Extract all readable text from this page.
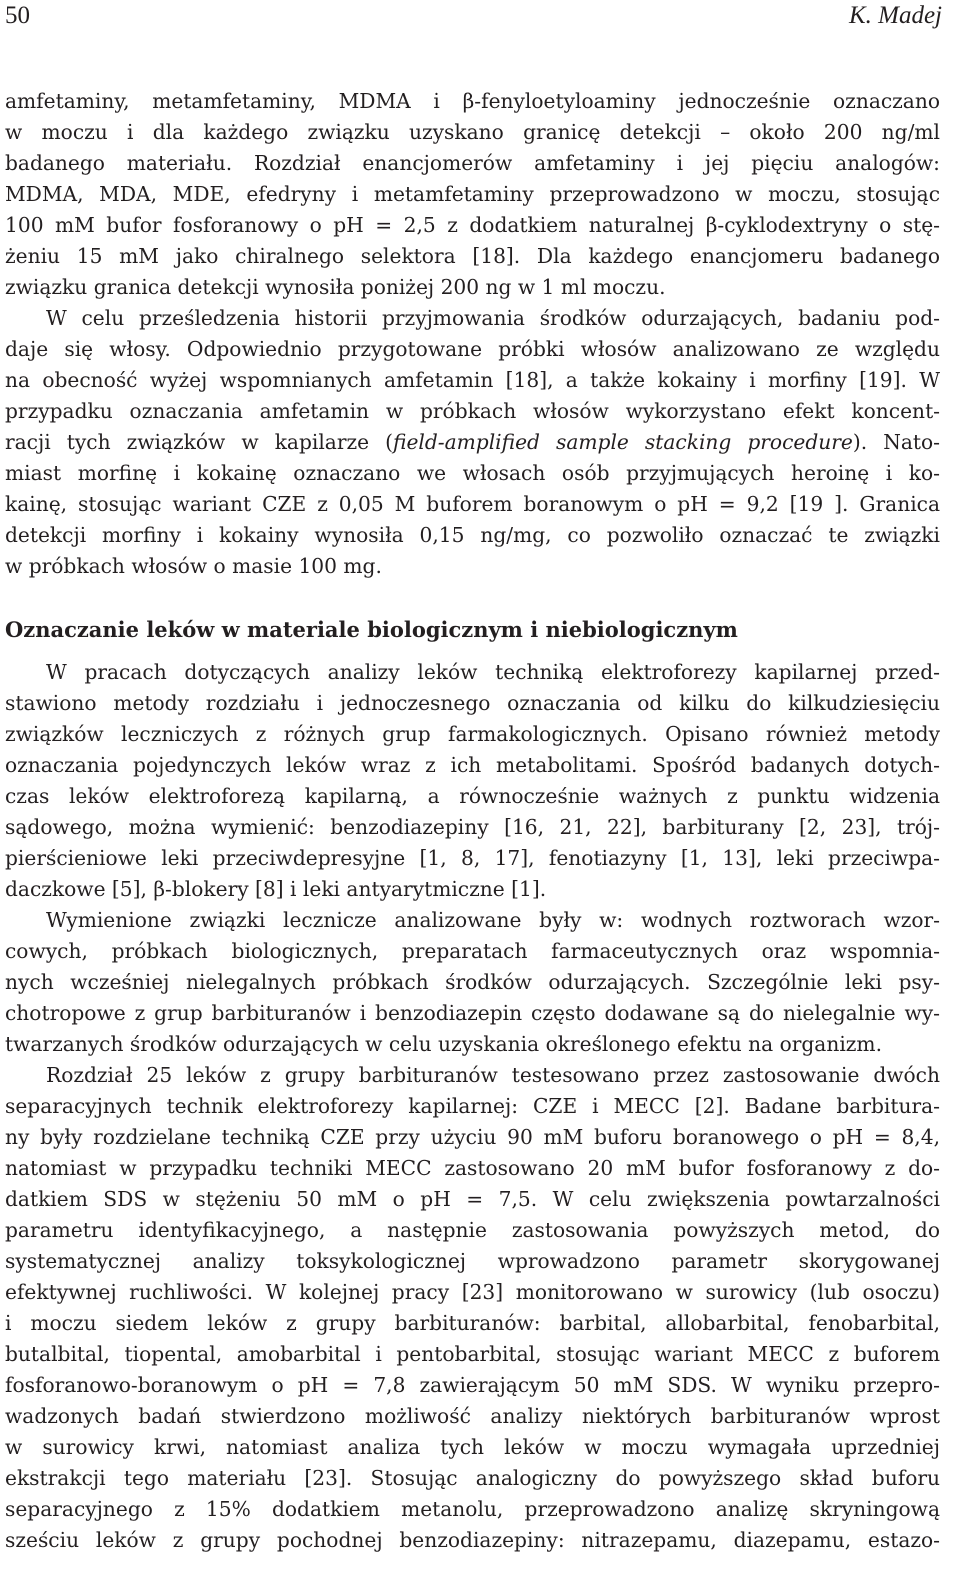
50	K. Madej
amfetaminy, metamfetaminy, MDMA i β-fenyloetyloaminy jednocześnie oznaczano
w moczu i dla każdego związku uzyskano granicę detekcji – około 200 ng/ml
badanego materiału. Rozdział enancjomerów amfetaminy i jej pięciu analogów:
MDMA, MDA, MDE, efedryny i metamfetaminy przeprowadzono w moczu, stosując
100 mM bufor fosforanowy o pH = 2,5 z dodatkiem naturalnej β-cyklodextryny o stę-
żeniu 15 mM jako chiralnego selektora [18]. Dla każdego enancjomeru badanego
związku granica detekcji wynosiła poniżej 200 ng w 1 ml moczu.
W celu prześledzenia historii przyjmowania środków odurzających, badaniu pod-
daje się włosy. Odpowiednio przygotowane próbki włosów analizowano ze względu
na obecność wyżej wspomnianych amfetamin [18], a także kokainy i morfiny [19]. W
przypadku oznaczania amfetamin w próbkach włosów wykorzystano efekt koncent-
racji tych związków w kapilarze (field-amplified sample stacking procedure). Nato-
miast morfinę i kokainę oznaczano we włosach osób przyjmujących heroinę i ko-
kainę, stosując wariant CZE z 0,05 M buforem boranowym o pH = 9,2 [19 ]. Granica
detekcji morfiny i kokainy wynosiła 0,15 ng/mg, co pozwoliło oznaczać te związki
w próbkach włosów o masie 100 mg.
Oznaczanie leków w materiale biologicznym i niebiologicznym
W pracach dotyczących analizy leków techniką elektroforezy kapilarnej przed-
stawiono metody rozdziału i jednoczesnego oznaczania od kilku do kilkudziesięciu
związków leczniczych z różnych grup farmakologicznych. Opisano również metody
oznaczania pojedynczych leków wraz z ich metabolitami. Spośród badanych dotych-
czas leków elektroforezą kapilarną, a równocześnie ważnych z punktu widzenia
sądowego, można wymienić: benzodiazepiny [16, 21, 22], barbiturany [2, 23], trój-
pierścieniowe leki przeciwdepresyjne [1, 8, 17], fenotiazyny [1, 13], leki przeciwpa-
daczkowe [5], β-blokery [8] i leki antyarytmiczne [1].
Wymienione związki lecznicze analizowane były w: wodnych roztworach wzor-
cowych, próbkach biologicznych, preparatach farmaceutycznych oraz wspomnia-
nych wcześniej nielegalnych próbkach środków odurzających. Szczególnie leki psy-
chotropowe z grup barbituranów i benzodiazepin często dodawane są do nielegalnie wy-
twarzanych środków odurzających w celu uzyskania określonego efektu na organizm.
Rozdział 25 leków z grupy barbituranów testesowano przez zastosowanie dwóch
separacyjnych technik elektroforezy kapilarnej: CZE i MECC [2]. Badane barbitura-
ny były rozdzielane techniką CZE przy użyciu 90 mM buforu boranowego o pH = 8,4,
natomiast w przypadku techniki MECC zastosowano 20 mM bufor fosforanowy z do-
datkiem SDS w stężeniu 50 mM o pH = 7,5. W celu zwiększenia powtarzalności
parametru identyfikacyjnego, a następnie zastosowania powyższych metod, do
systematycznej analizy toksykologicznej wprowadzono parametr skorygowanej
efektywnej ruchliwości. W kolejnej pracy [23] monitorowano w surowicy (lub osoczu)
i moczu siedem leków z grupy barbituranów: barbital, allobarbital, fenobarbital,
butalbital, tiopental, amobarbital i pentobarbital, stosując wariant MECC z buforem
fosforanowo-boranowym o pH = 7,8 zawierającym 50 mM SDS. W wyniku przepro-
wadzonych badań stwierdzono możliwość analizy niektórych barbituranów wprost
w surowicy krwi, natomiast analiza tych leków w moczu wymagała uprzedniej
ekstrakcji tego materiału [23]. Stosując analogiczny do powyższego skład buforu
separacyjnego z 15% dodatkiem metanolu, przeprowadzono analizę skryningową
sześciu leków z grupy pochodnej benzodiazepiny: nitrazepamu, diazepamu, estazo-
